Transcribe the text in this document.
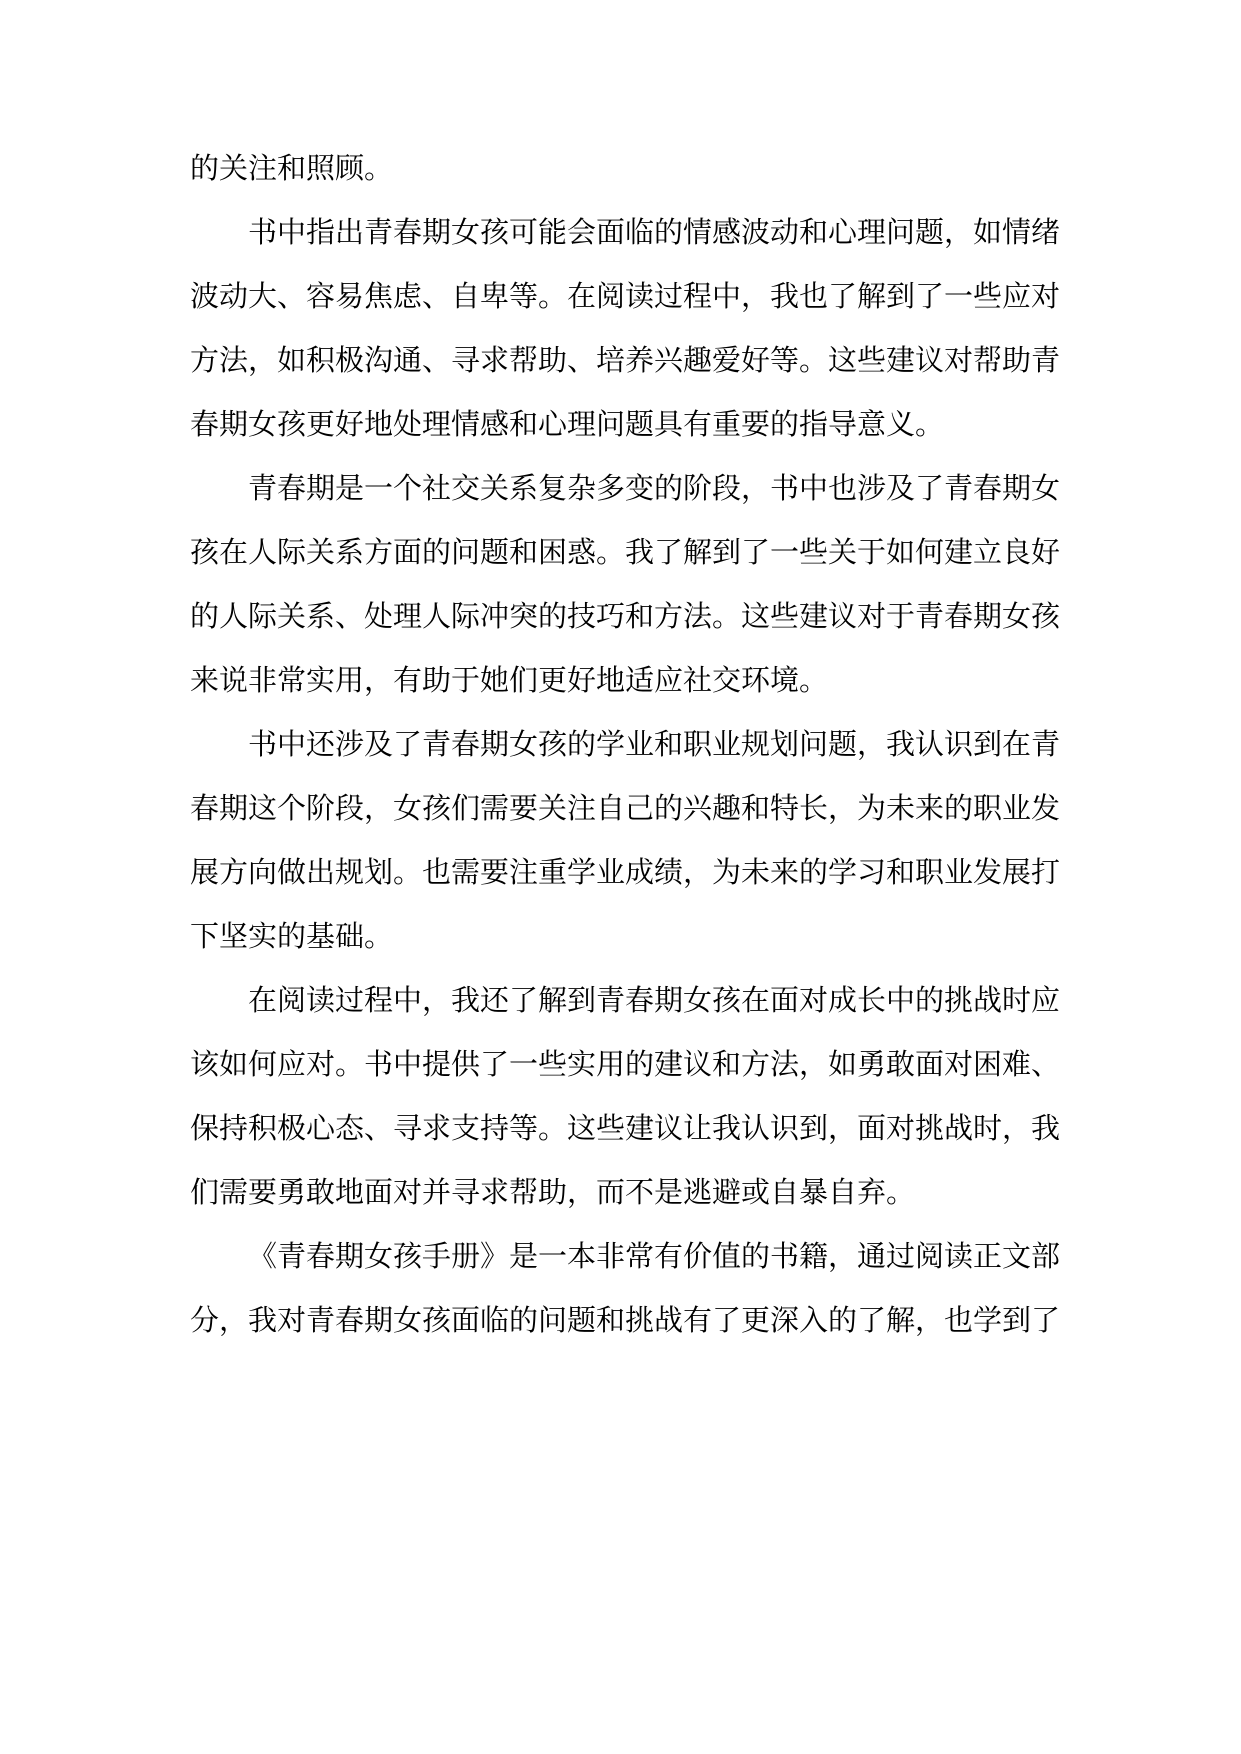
的关注和照顾。
书中指出青春期女孩可能会面临的情感波动和心理问题，如情绪
波动大、容易焦虑、自卑等。在阅读过程中，我也了解到了一些应对
方法，如积极沟通、寻求帮助、培养兴趣爱好等。这些建议对帮助青
春期女孩更好地处理情感和心理问题具有重要的指导意义。
青春期是一个社交关系复杂多变的阶段，书中也涉及了青春期女
孩在人际关系方面的问题和困惑。我了解到了一些关于如何建立良好
的人际关系、处理人际冲突的技巧和方法。这些建议对于青春期女孩
来说非常实用，有助于她们更好地适应社交环境。
书中还涉及了青春期女孩的学业和职业规划问题，我认识到在青
春期这个阶段，女孩们需要关注自己的兴趣和特长，为未来的职业发
展方向做出规划。也需要注重学业成绩，为未来的学习和职业发展打
下坚实的基础。
在阅读过程中，我还了解到青春期女孩在面对成长中的挑战时应
该如何应对。书中提供了一些实用的建议和方法，如勇敢面对困难、
保持积极心态、寻求支持等。这些建议让我认识到，面对挑战时，我
们需要勇敢地面对并寻求帮助，而不是逃避或自暴自弃。
《青春期女孩手册》是一本非常有价值的书籍，通过阅读正文部
分，我对青春期女孩面临的问题和挑战有了更深入的了解，也学到了
